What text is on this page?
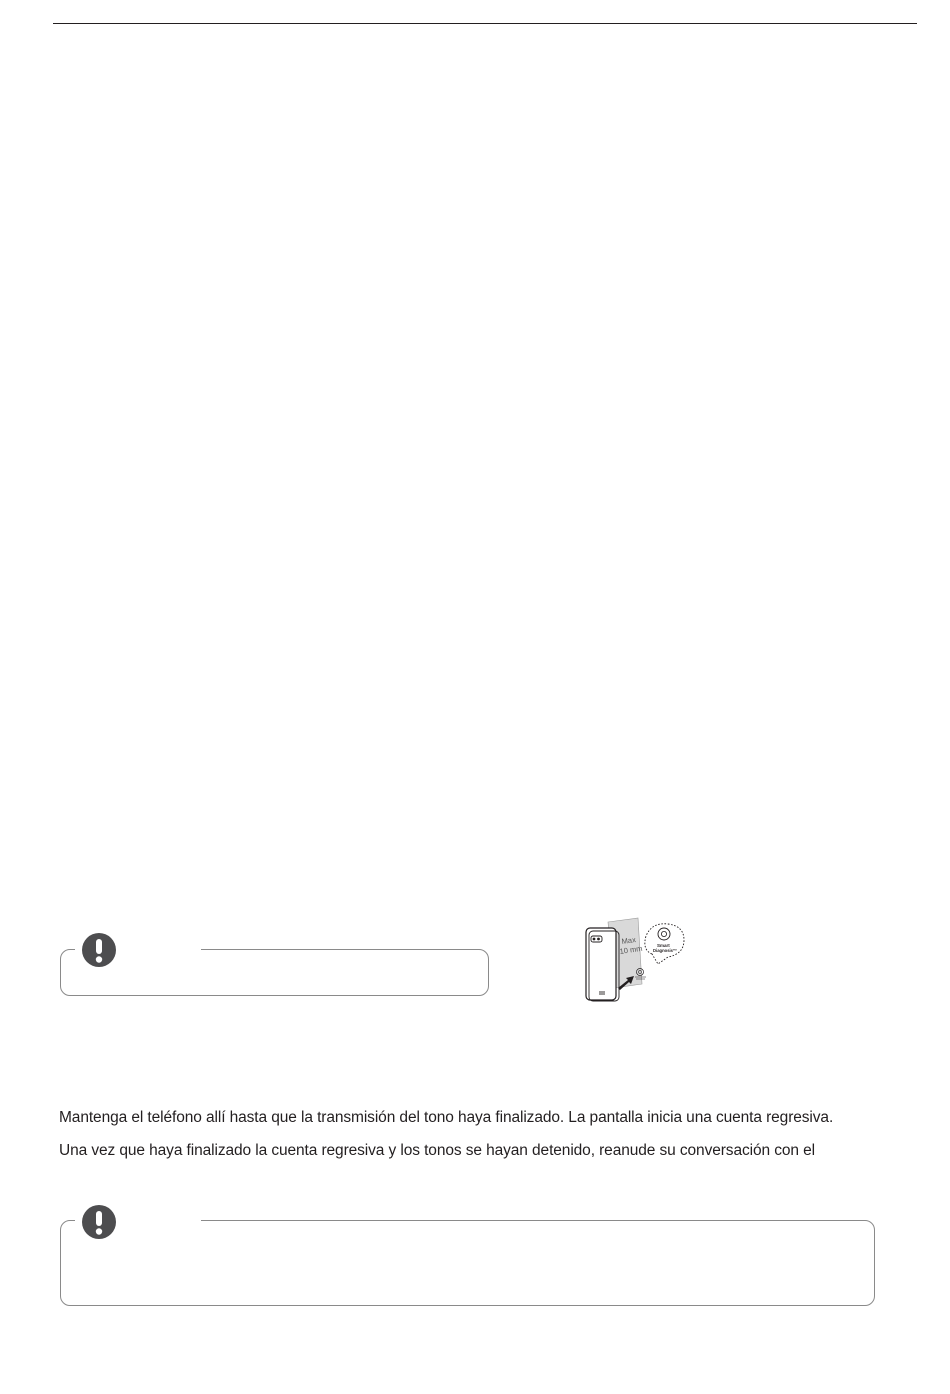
Max
10 mm	Smart
Diagnosis™
Mantenga el teléfono allí hasta que la transmisión del tono haya finalizado. La pantalla inicia una cuenta regresiva.
Una vez que haya finalizado la cuenta regresiva y los tonos se hayan detenido, reanude su conversación con el
